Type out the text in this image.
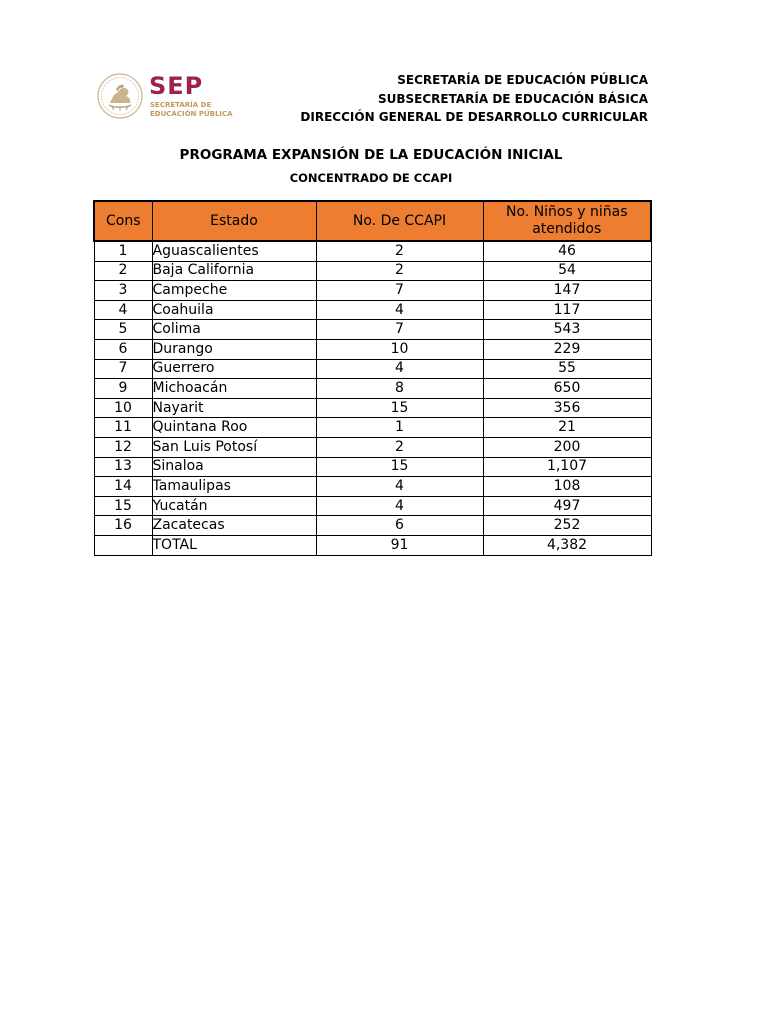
SEP
SECRETARÍA DE
EDUCACIÓN PÚBLICA
SECRETARÍA DE EDUCACIÓN PÚBLICA
SUBSECRETARÍA DE EDUCACIÓN BÁSICA
DIRECCIÓN GENERAL DE DESARROLLO CURRICULAR
PROGRAMA EXPANSIÓN DE LA EDUCACIÓN INICIAL
CONCENTRADO DE CCAPI
Cons	Estado	No. De CCAPI	No. Niños y niñas atendidos
1	Aguascalientes	2	46
2	Baja California	2	54
3	Campeche	7	147
4	Coahuila	4	117
5	Colima	7	543
6	Durango	10	229
7	Guerrero	4	55
9	Michoacán	8	650
10	Nayarit	15	356
11	Quintana Roo	1	21
12	San Luis Potosí	2	200
13	Sinaloa	15	1,107
14	Tamaulipas	4	108
15	Yucatán	4	497
16	Zacatecas	6	252
	TOTAL	91	4,382
